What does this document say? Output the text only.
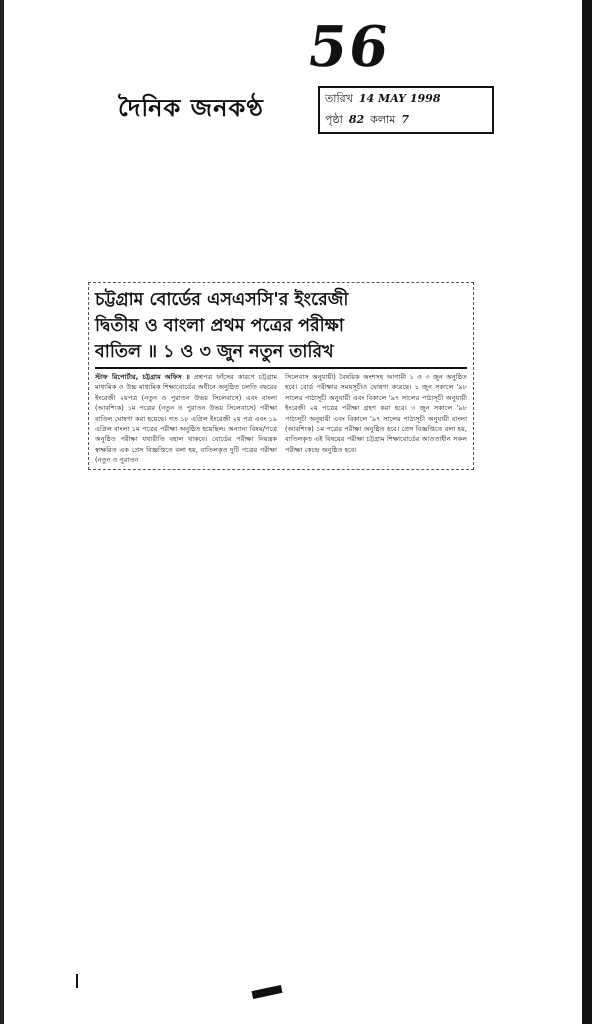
56
দৈনিক জনকণ্ঠ	তারিখ 14 MAY 1998
পৃষ্ঠা 82 কলাম 7
চট্টগ্রাম বোর্ডের এসএসসি'র ইংরেজী
দ্বিতীয় ও বাংলা প্রথম পত্রের পরীক্ষা
বাতিল ॥ ১ ও ৩ জুন নতুন তারিখ

স্টাফ রিপোর্টার, চট্টগ্রাম অফিস ॥ প্রশ্নপত্র ফাঁসের কারণে চট্টগ্রাম মাধ্যমিক ও উচ্চ মাধ্যমিক শিক্ষাবোর্ডের অধীনে অনুষ্ঠিত চলতি বছরের ইংরেজী ২য়পত্র (নতুন ও পুরাতন উভয় সিলেবাসে) এবং বাংলা (আবশ্যিক) ১ম পত্রের (নতুন ও পুরাতন উভয় সিলেবাসে) পরীক্ষা বাতিল ঘোষণা করা হয়েছে। গত ১৮ এপ্রিল ইংরেজী ২য় পত্র এবং ১৯ এপ্রিল বাংলা ১ম পত্রের পরীক্ষা অনুষ্ঠিত হয়েছিল। অন্যান্য বিষয়/পত্রে অনুষ্ঠিত পরীক্ষা যথারীতি বহাল থাকবে। বোর্ডের পরীক্ষা নিয়ন্ত্রক স্বাক্ষরিত এক প্রেস বিজ্ঞপ্তিতে বলা হয়, বাতিলকৃত দুটি পত্রের পরীক্ষা (নতুন ও পুরাতন

সিলেবাস অনুযায়ী) বৈষয়িক অংশসহ আগামী ১ ও ৩ জুন অনুষ্ঠিত হবে। বোর্ড পরীক্ষার সময়সূচীও ঘোষণা করেছে। ১ জুন সকালে '৯৮ সালের পাঠ্যসূচী অনুযায়ী এবং বিকালে '৯৭ সালের পাঠ্যসূচী অনুযায়ী ইংরেজী ২য় পত্রের পরীক্ষা গ্রহণ করা হবে। ৩ জুন সকালে '৯৮ পাঠ্যসূচী অনুযায়ী এবং বিকালে '৯৭ সালের পাঠ্যসূচী অনুযায়ী বাংলা (আবশ্যিক) ১ম পত্রের পরীক্ষা অনুষ্ঠিত হবে। প্রেস বিজ্ঞপ্তিতে বলা হয়, বাতিলকৃত এই বিষয়ের পরীক্ষা চট্টগ্রাম শিক্ষাবোর্ডের আওতাধীন সকল পরীক্ষা কেন্দ্রে অনুষ্ঠিত হবে।
